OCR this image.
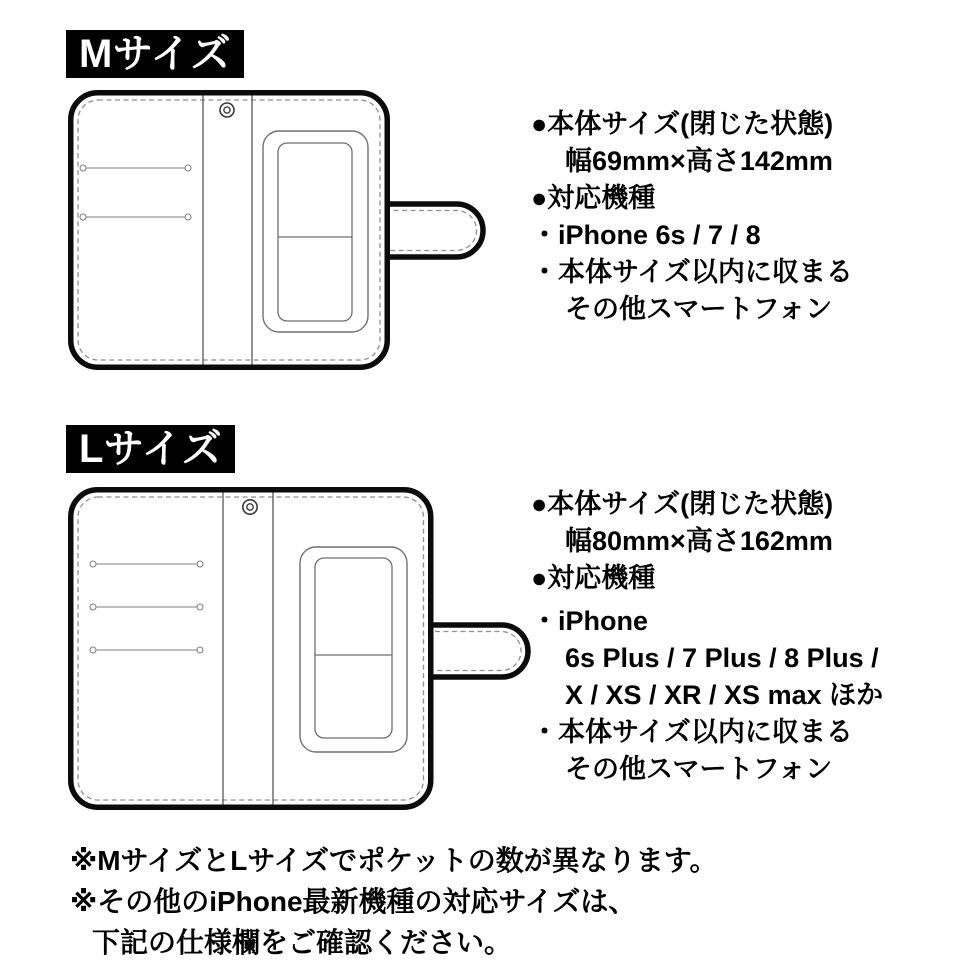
Mサイズ
●本体サイズ(閉じた状態)
幅69mm×高さ142mm
●対応機種
・iPhone 6s / 7 / 8
・本体サイズ以内に収まる
その他スマートフォン
Lサイズ
●本体サイズ(閉じた状態)
幅80mm×高さ162mm
●対応機種
・iPhone
6s Plus / 7 Plus / 8 Plus /
X / XS / XR / XS max ほか
・本体サイズ以内に収まる
その他スマートフォン
※MサイズとLサイズでポケットの数が異なります。
※その他のiPhone最新機種の対応サイズは、
下記の仕様欄をご確認ください。
